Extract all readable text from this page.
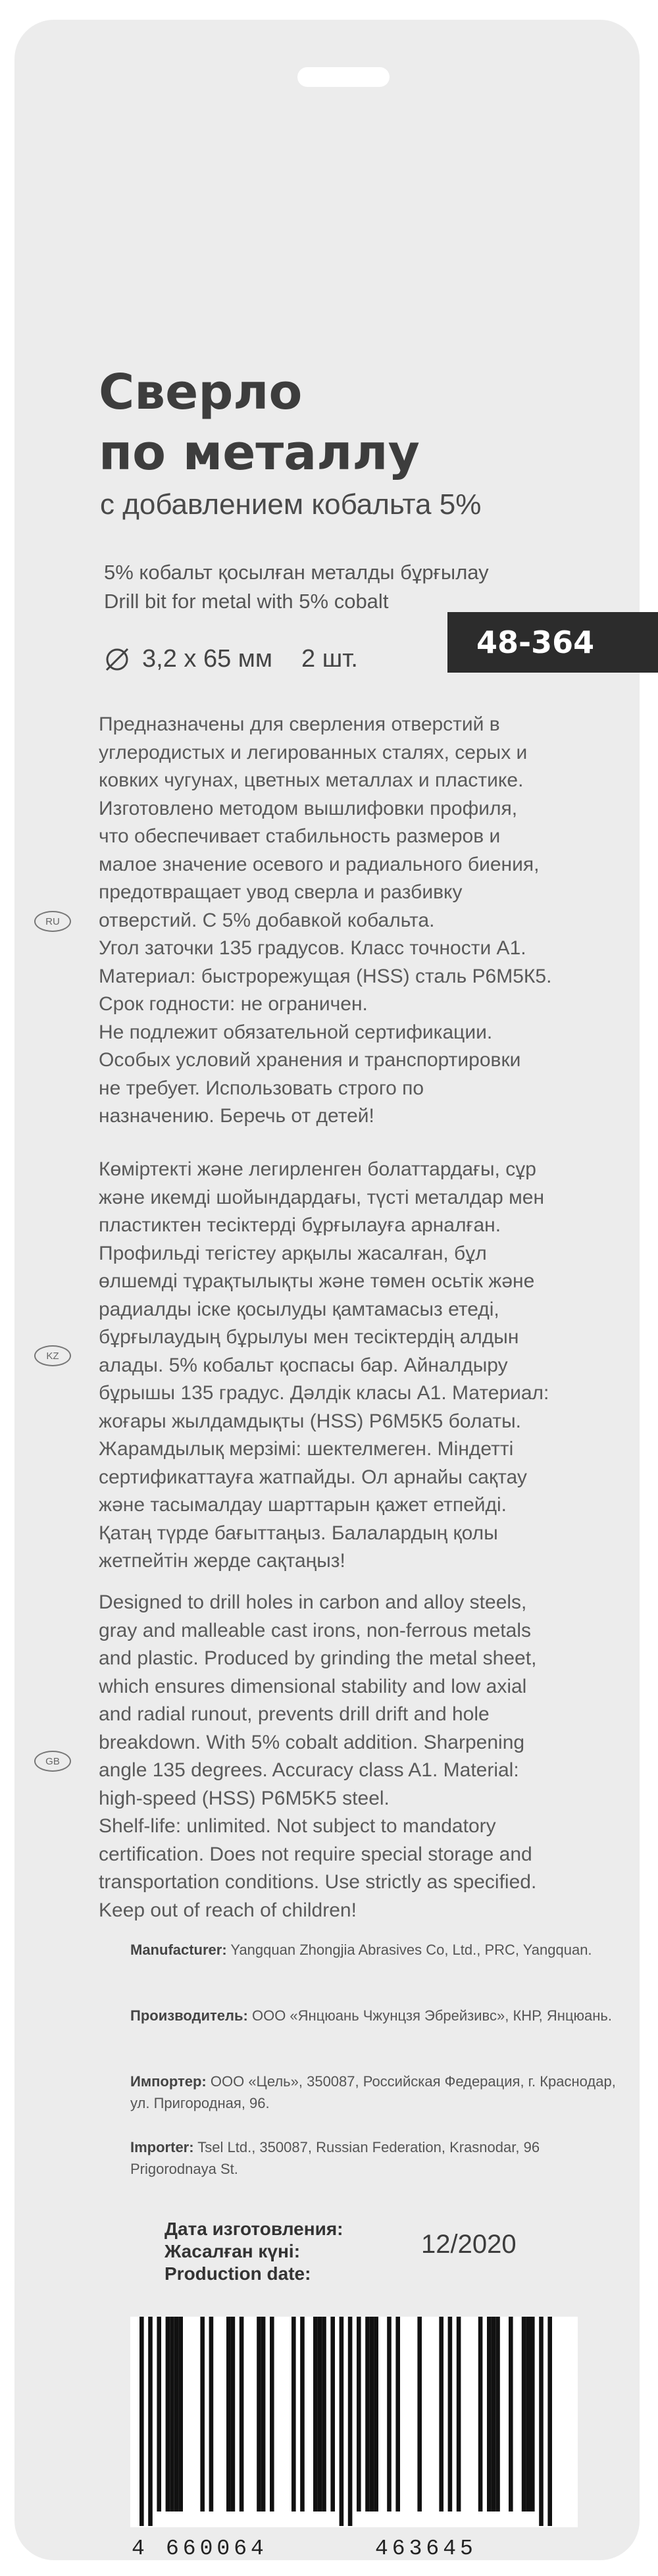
Сверло
по металлу
с добавлением кобальта 5%
5% кобальт қосылған металды бұрғылау
Drill bit for metal with 5% cobalt
3,2 x 65 мм 2 шт.	48-364

Предназначены для сверления отверстий в
углеродистых и легированных сталях, серых и
ковких чугунах, цветных металлах и пластике.
Изготовлено методом вышлифовки профиля,
что обеспечивает стабильность размеров и
малое значение осевого и радиального биения,
предотвращает увод сверла и разбивку
отверстий. С 5% добавкой кобальта.
Угол заточки 135 градусов. Класс точности А1.
Материал: быстрорежущая (HSS) сталь Р6М5К5.
Срок годности: не ограничен.
Не подлежит обязательной сертификации.
Особых условий хранения и транспортировки
не требует. Использовать строго по
назначению. Беречь от детей!

RU

Көміртекті және легирленген болаттардағы, сұр
және икемді шойындардағы, түсті металдар мен
пластиктен тесіктерді бұрғылауға арналған.
Профильді тегістеу арқылы жасалған, бұл
өлшемді тұрақтылықты және төмен осьтік және
радиалды іске қосылуды қамтамасыз етеді,
бұрғылаудың бұрылуы мен тесіктердің алдын
алады. 5% кобальт қоспасы бар. Айналдыру
бұрышы 135 градус. Дәлдік класы А1. Материал:
жоғары жылдамдықты (HSS) Р6М5К5 болаты.
Жарамдылық мерзімі: шектелмеген. Міндетті
сертификаттауға жатпайды. Ол арнайы сақтау
және тасымалдау шарттарын қажет етпейді.
Қатаң түрде бағыттаңыз. Балалардың қолы
жетпейтін жерде сақтаңыз!

KZ

Designed to drill holes in carbon and alloy steels,
gray and malleable cast irons, non-ferrous metals
and plastic. Produced by grinding the metal sheet,
which ensures dimensional stability and low axial
and radial runout, prevents drill drift and hole
breakdown. With 5% cobalt addition. Sharpening
angle 135 degrees. Accuracy class A1. Material:
high-speed (HSS) P6M5K5 steel.
Shelf-life: unlimited. Not subject to mandatory
certification. Does not require special storage and
transportation conditions. Use strictly as specified.
Keep out of reach of children!

GB
Manufacturer: Yangquan Zhongjia Abrasives Co, Ltd., PRC, Yangquan.
Производитель: ООО «Янцюань Чжунцзя Эбрейзивс», КНР, Янцюань.
Импортер: ООО «Цель», 350087, Российская Федерация, г. Краснодар, ул. Пригородная, 96.
Importer: Tsel Ltd., 350087, Russian Federation, Krasnodar, 96 Prigorodnaya St.
Дата изготовления:
Жасалған күні:
Production date:
12/2020
4 660064	463645
